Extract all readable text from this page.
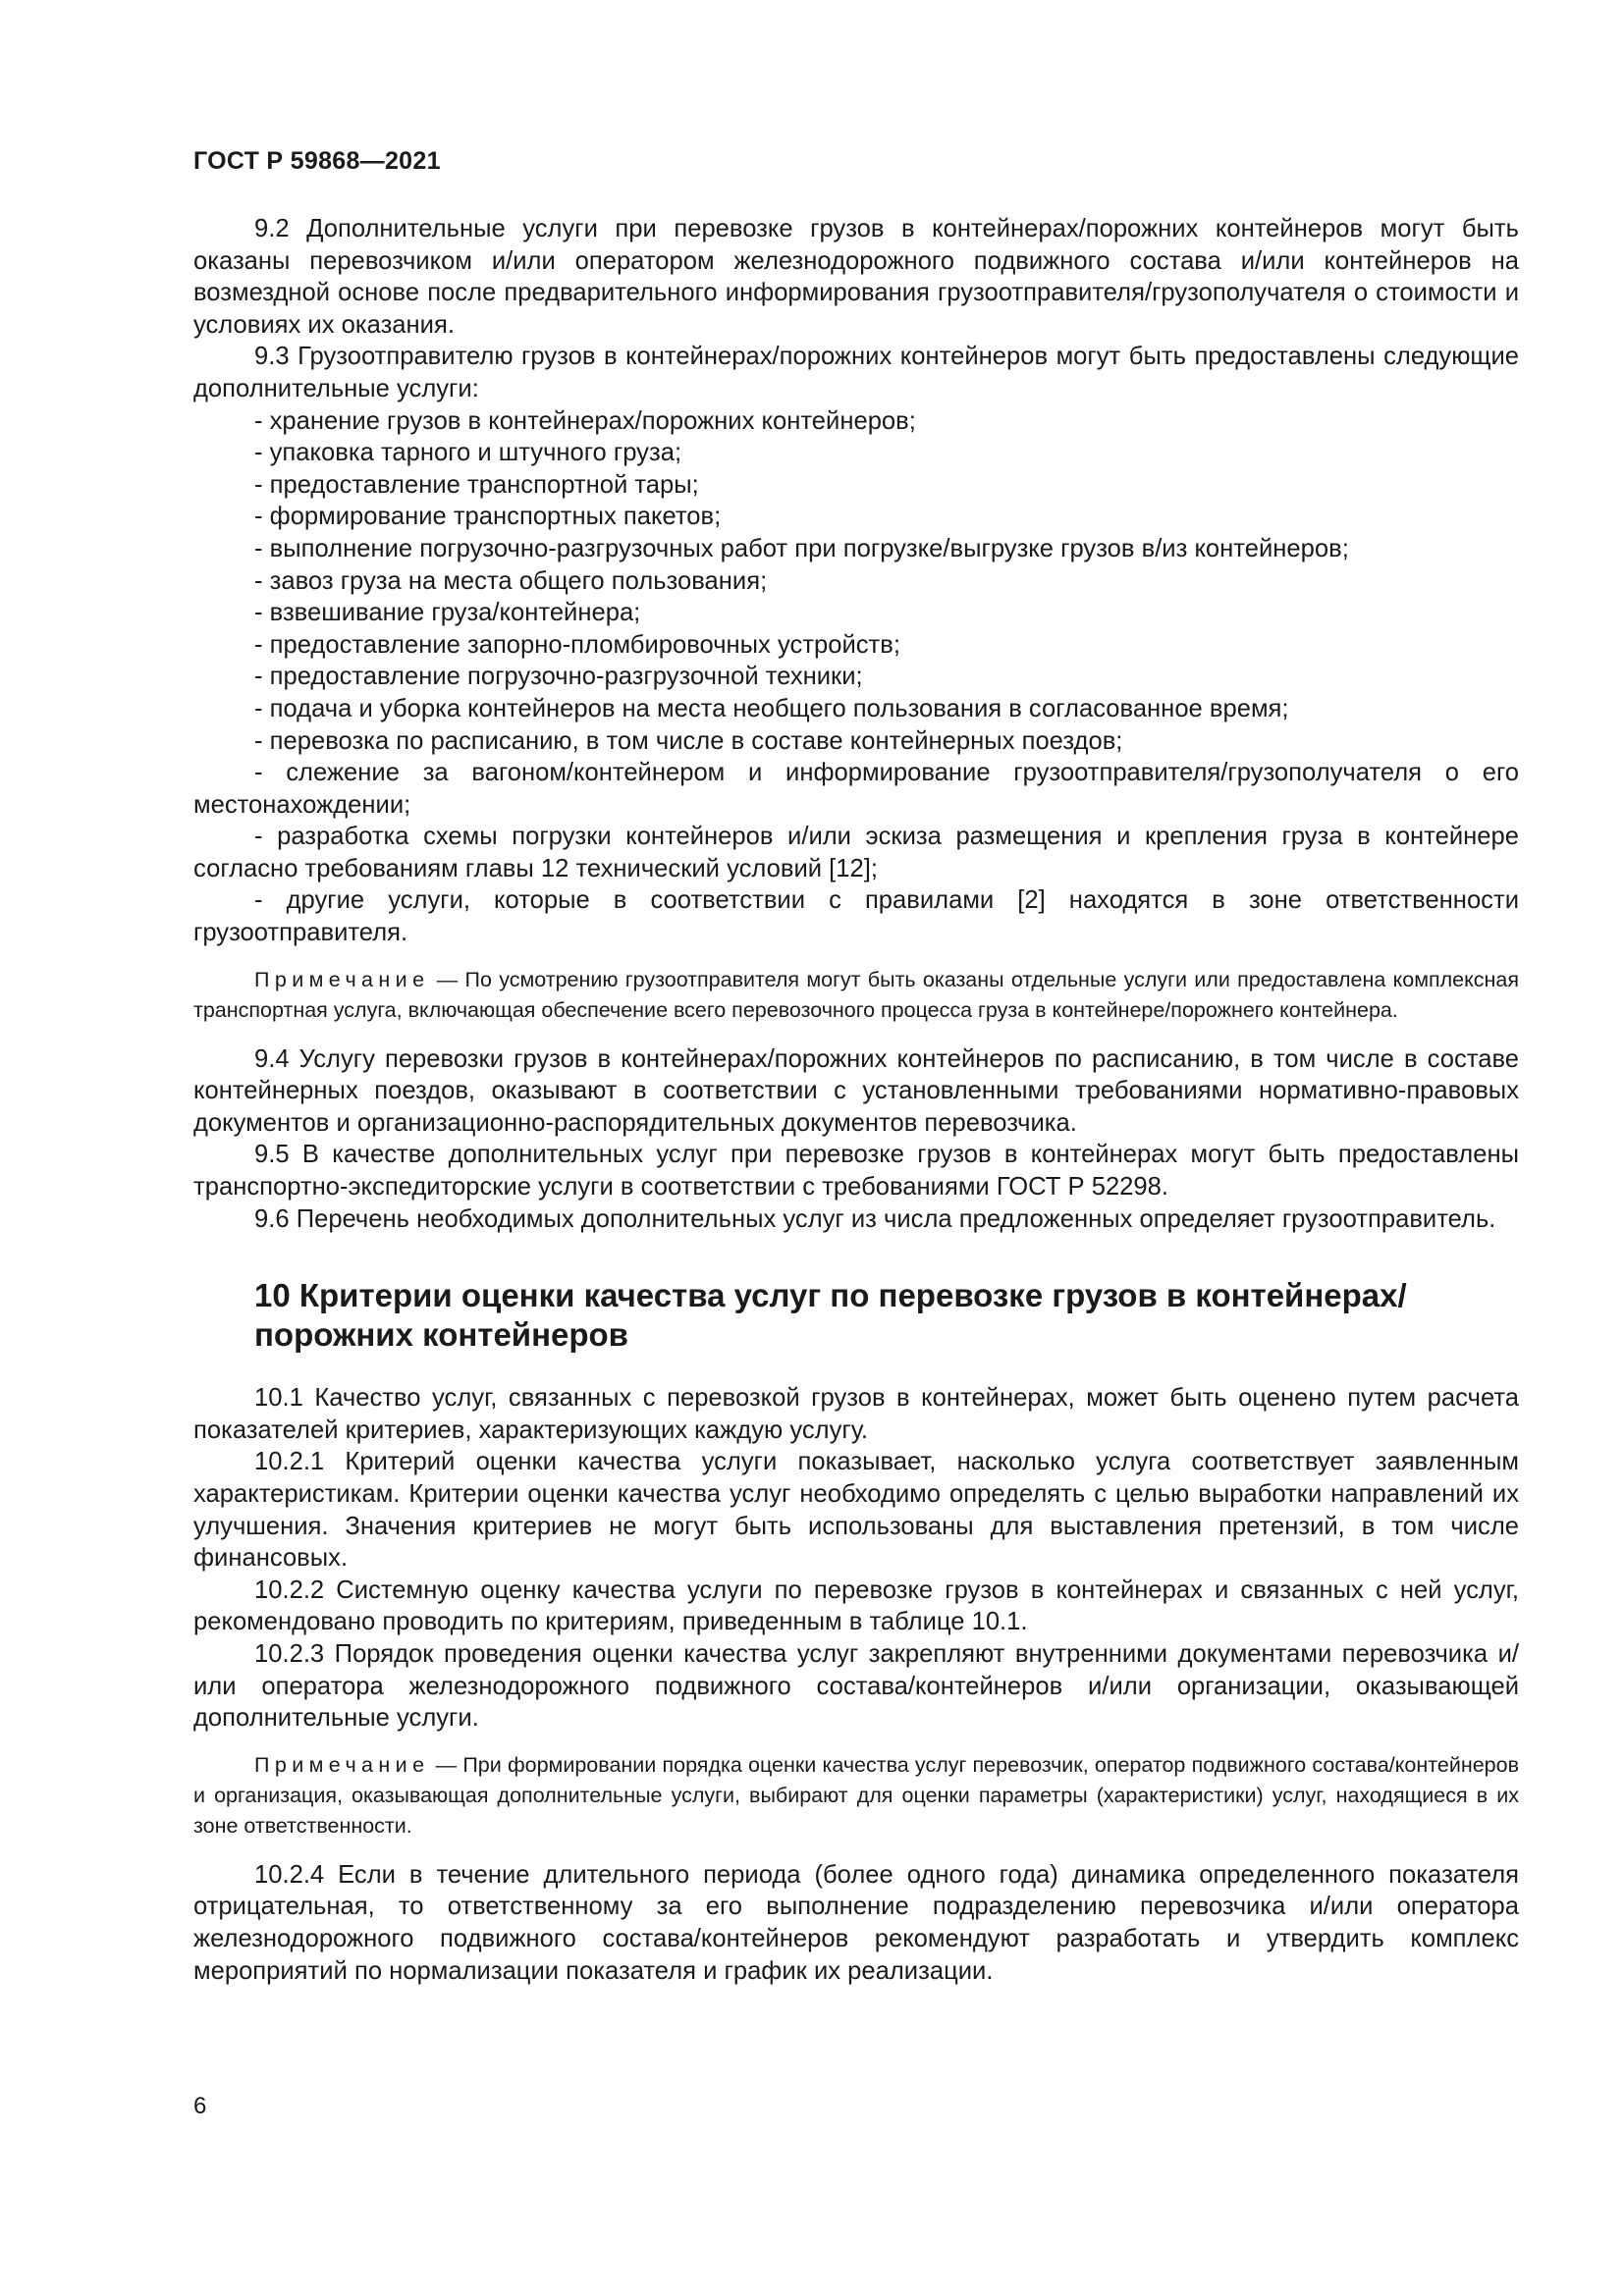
ГОСТ Р 59868—2021

9.2 Дополнительные услуги при перевозке грузов в контейнерах/порожних контейнеров могут быть оказаны перевозчиком и/или оператором железнодорожного подвижного состава и/или контейнеров на возмездной основе после предварительного информирования грузоотправителя/грузополучателя о стоимости и условиях их оказания.

9.3 Грузоотправителю грузов в контейнерах/порожних контейнеров могут быть предоставлены следующие дополнительные услуги:

- хранение грузов в контейнерах/порожних контейнеров;

- упаковка тарного и штучного груза;

- предоставление транспортной тары;

- формирование транспортных пакетов;

- выполнение погрузочно-разгрузочных работ при погрузке/выгрузке грузов в/из контейнеров;

- завоз груза на места общего пользования;

- взвешивание груза/контейнера;

- предоставление запорно-пломбировочных устройств;

- предоставление погрузочно-разгрузочной техники;

- подача и уборка контейнеров на места необщего пользования в согласованное время;

- перевозка по расписанию, в том числе в составе контейнерных поездов;

- слежение за вагоном/контейнером и информирование грузоотправителя/грузополучателя о его местонахождении;

- разработка схемы погрузки контейнеров и/или эскиза размещения и крепления груза в контейнере согласно требованиям главы 12 технический условий [12];

- другие услуги, которые в соответствии с правилами [2] находятся в зоне ответственности грузоотправителя.

Примечание — По усмотрению грузоотправителя могут быть оказаны отдельные услуги или предоставлена комплексная транспортная услуга, включающая обеспечение всего перевозочного процесса груза в контейнере/порожнего контейнера.

9.4 Услугу перевозки грузов в контейнерах/порожних контейнеров по расписанию, в том числе в составе контейнерных поездов, оказывают в соответствии с установленными требованиями нормативно-правовых документов и организационно-распорядительных документов перевозчика.

9.5 В качестве дополнительных услуг при перевозке грузов в контейнерах могут быть предоставлены транспортно-экспедиторские услуги в соответствии с требованиями ГОСТ Р 52298.

9.6 Перечень необходимых дополнительных услуг из числа предложенных определяет грузоотправитель.

10 Критерии оценки качества услуг по перевозке грузов в контейнерах/
порожних контейнеров

10.1 Качество услуг, связанных с перевозкой грузов в контейнерах, может быть оценено путем расчета показателей критериев, характеризующих каждую услугу.

10.2.1 Критерий оценки качества услуги показывает, насколько услуга соответствует заявленным характеристикам. Критерии оценки качества услуг необходимо определять с целью выработки направлений их улучшения. Значения критериев не могут быть использованы для выставления претензий, в том числе финансовых.

10.2.2 Системную оценку качества услуги по перевозке грузов в контейнерах и связанных с ней услуг, рекомендовано проводить по критериям, приведенным в таблице 10.1.

10.2.3 Порядок проведения оценки качества услуг закрепляют внутренними документами перевозчика и/или оператора железнодорожного подвижного состава/контейнеров и/или организации, оказывающей дополнительные услуги.

Примечание — При формировании порядка оценки качества услуг перевозчик, оператор подвижного состава/контейнеров и организация, оказывающая дополнительные услуги, выбирают для оценки параметры (характеристики) услуг, находящиеся в их зоне ответственности.

10.2.4 Если в течение длительного периода (более одного года) динамика определенного показателя отрицательная, то ответственному за его выполнение подразделению перевозчика и/или оператора железнодорожного подвижного состава/контейнеров рекомендуют разработать и утвердить комплекс мероприятий по нормализации показателя и график их реализации.

6
